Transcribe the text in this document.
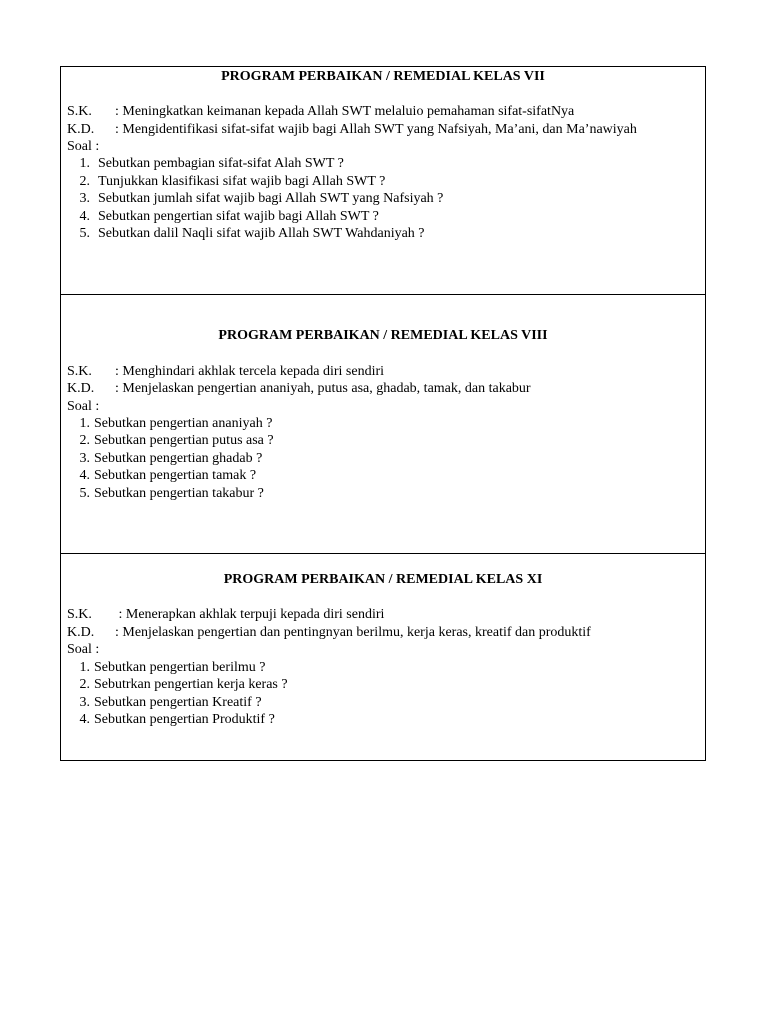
PROGRAM PERBAIKAN / REMEDIAL KELAS VII
S.K. : Meningkatkan keimanan kepada Allah SWT melaluio pemahaman sifat-sifatNya
K.D. : Mengidentifikasi sifat-sifat wajib bagi Allah SWT yang Nafsiyah, Ma’ani, dan Ma’nawiyah
Soal :
1. Sebutkan pembagian sifat-sifat Alah SWT ?
2. Tunjukkan klasifikasi sifat wajib bagi Allah SWT ?
3. Sebutkan jumlah sifat wajib bagi Allah SWT yang Nafsiyah ?
4. Sebutkan pengertian sifat wajib bagi Allah SWT ?
5. Sebutkan dalil Naqli sifat wajib Allah SWT Wahdaniyah ?
PROGRAM PERBAIKAN / REMEDIAL KELAS VIII
S.K. : Menghindari akhlak tercela kepada diri sendiri
K.D. : Menjelaskan pengertian ananiyah, putus asa, ghadab, tamak, dan takabur
Soal :
1. Sebutkan pengertian ananiyah ?
2. Sebutkan pengertian putus asa ?
3. Sebutkan pengertian ghadab ?
4. Sebutkan pengertian tamak ?
5. Sebutkan pengertian takabur ?
PROGRAM PERBAIKAN / REMEDIAL KELAS XI
S.K. : Menerapkan akhlak terpuji kepada diri sendiri
K.D. : Menjelaskan pengertian dan pentingnyan berilmu, kerja keras, kreatif dan produktif
Soal :
1. Sebutkan pengertian berilmu ?
2. Sebutrkan pengertian kerja keras ?
3. Sebutkan pengertian Kreatif ?
4. Sebutkan pengertian Produktif ?
